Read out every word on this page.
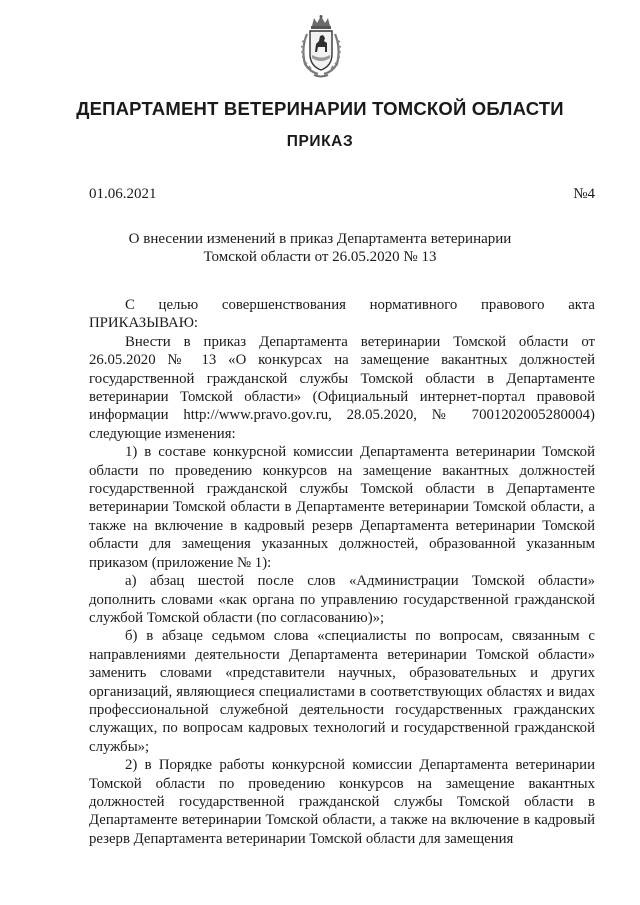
ДЕПАРТАМЕНТ ВЕТЕРИНАРИИ ТОМСКОЙ ОБЛАСТИ
ПРИКАЗ
01.06.2021	№4
О внесении изменений в приказ Департамента ветеринарии
Томской области от 26.05.2020 № 13

С целью совершенствования нормативного правового акта ПРИКАЗЫВАЮ:

Внести в приказ Департамента ветеринарии Томской области от 26.05.2020 № 13 «О конкурсах на замещение вакантных должностей государственной гражданской службы Томской области в Департаменте ветеринарии Томской области» (Официальный интернет-портал правовой информации http://www.pravo.gov.ru, 28.05.2020, № 7001202005280004) следующие изменения:

1) в составе конкурсной комиссии Департамента ветеринарии Томской области по проведению конкурсов на замещение вакантных должностей государственной гражданской службы Томской области в Департаменте ветеринарии Томской области в Департаменте ветеринарии Томской области, а также на включение в кадровый резерв Департамента ветеринарии Томской области для замещения указанных должностей, образованной указанным приказом (приложение № 1):

а) абзац шестой после слов «Администрации Томской области» дополнить словами «как органа по управлению государственной гражданской службой Томской области (по согласованию)»;

б) в абзаце седьмом слова «специалисты по вопросам, связанным с направлениями деятельности Департамента ветеринарии Томской области» заменить словами «представители научных, образовательных и других организаций, являющиеся специалистами в соответствующих областях и видах профессиональной служебной деятельности государственных гражданских служащих, по вопросам кадровых технологий и государственной гражданской службы»;

2) в Порядке работы конкурсной комиссии Департамента ветеринарии Томской области по проведению конкурсов на замещение вакантных должностей государственной гражданской службы Томской области в Департаменте ветеринарии Томской области, а также на включение в кадровый резерв Департамента ветеринарии Томской области для замещения
